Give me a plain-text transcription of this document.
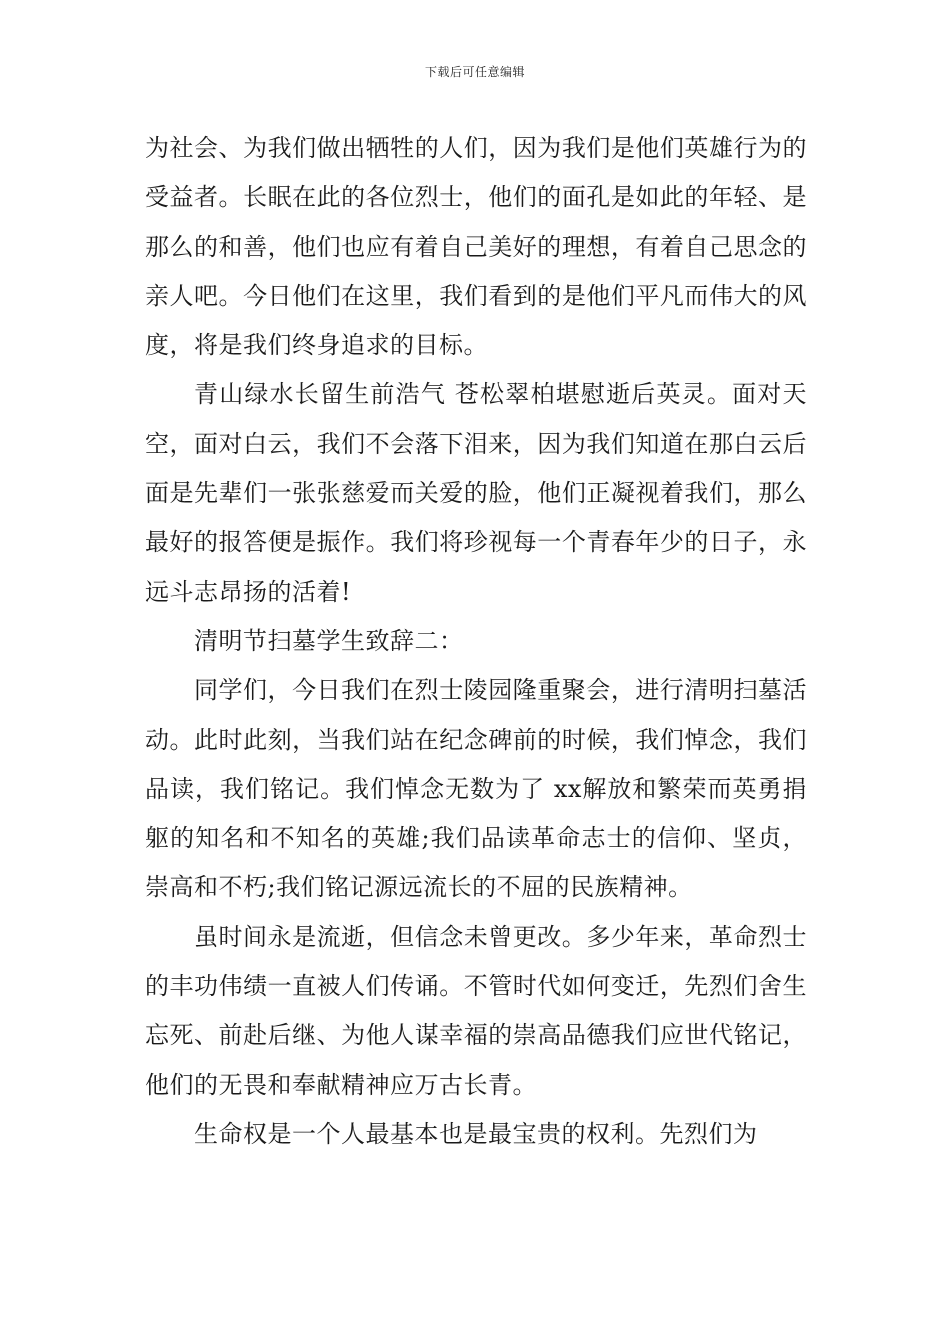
下载后可任意编辑

为社会、为我们做出牺牲的人们，因为我们是他们英雄行为的受益者。长眠在此的各位烈士，他们的面孔是如此的年轻、是那么的和善，他们也应有着自己美好的理想，有着自己思念的亲人吧。今日他们在这里，我们看到的是他们平凡而伟大的风度，将是我们终身追求的目标。

青山绿水长留生前浩气 苍松翠柏堪慰逝后英灵。面对天空，面对白云，我们不会落下泪来，因为我们知道在那白云后面是先辈们一张张慈爱而关爱的脸，他们正凝视着我们，那么最好的报答便是振作。我们将珍视每一个青春年少的日子，永远斗志昂扬的活着!

清明节扫墓学生致辞二：

同学们，今日我们在烈士陵园隆重聚会，进行清明扫墓活动。此时此刻，当我们站在纪念碑前的时候，我们悼念，我们品读，我们铭记。我们悼念无数为了 xx解放和繁荣而英勇捐躯的知名和不知名的英雄;我们品读革命志士的信仰、坚贞，崇高和不朽;我们铭记源远流长的不屈的民族精神。

虽时间永是流逝，但信念未曾更改。多少年来，革命烈士的丰功伟绩一直被人们传诵。不管时代如何变迁，先烈们舍生忘死、前赴后继、为他人谋幸福的崇高品德我们应世代铭记，他们的无畏和奉献精神应万古长青。

生命权是一个人最基本也是最宝贵的权利。先烈们为
